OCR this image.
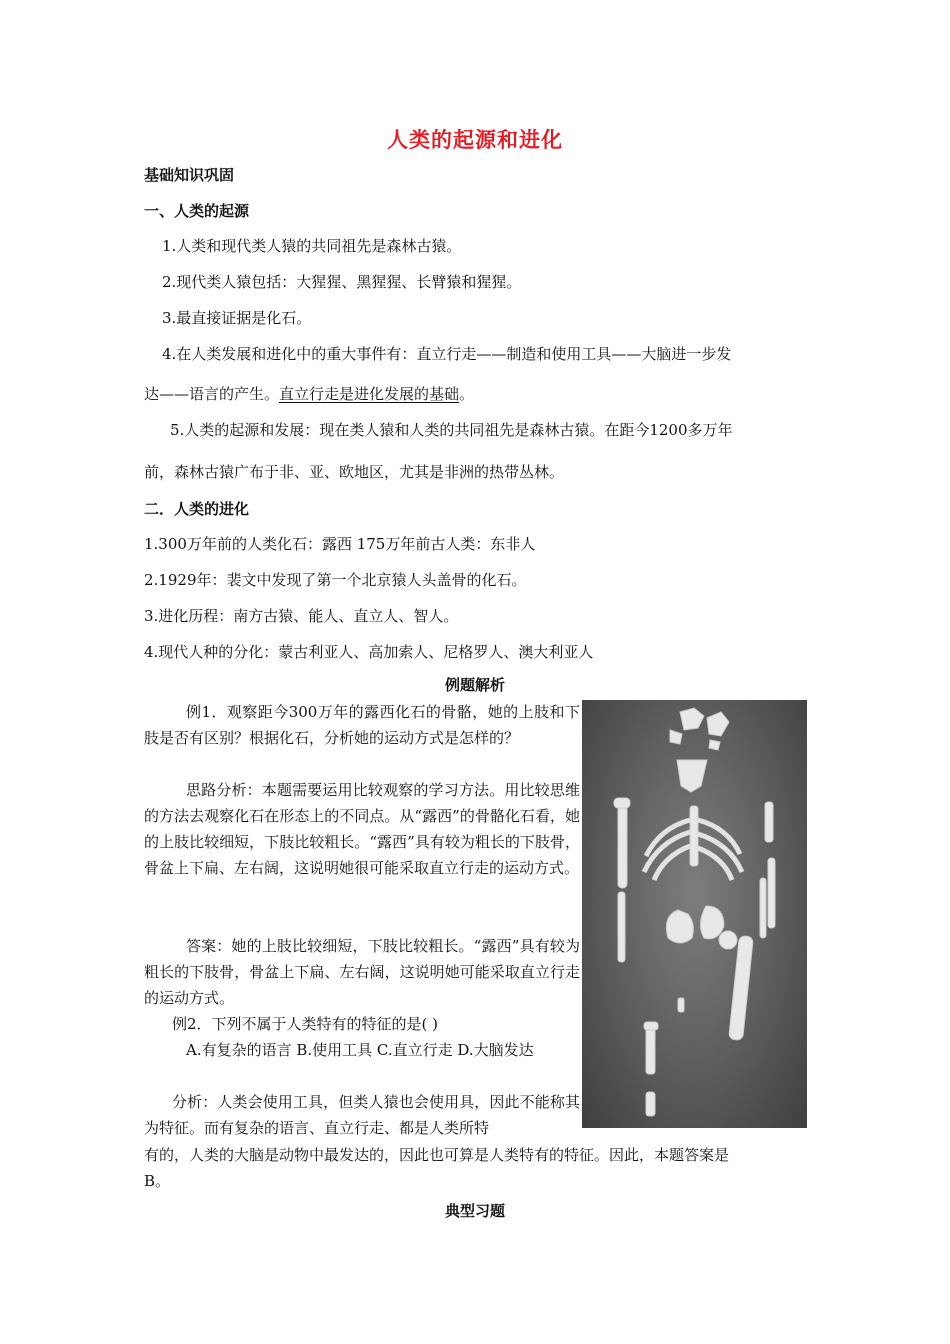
人类的起源和进化
基础知识巩固
一、人类的起源
1.人类和现代类人猿的共同祖先是森林古猿。
2.现代类人猿包括：大猩猩、黑猩猩、长臂猿和猩猩。
3.最直接证据是化石。
4.在人类发展和进化中的重大事件有：直立行走——制造和使用工具——大脑进一步发
达——语言的产生。直立行走是进化发展的基础。
5.人类的起源和发展：现在类人猿和人类的共同祖先是森林古猿。在距今1200多万年
前，森林古猿广布于非、亚、欧地区，尤其是非洲的热带丛林。
二．人类的进化
1.300万年前的人类化石：露西 175万年前古人类：东非人
2.1929年：裴文中发现了第一个北京猿人头盖骨的化石。
3.进化历程：南方古猿、能人、直立人、智人。
4.现代人种的分化：蒙古利亚人、高加索人、尼格罗人、澳大利亚人
例题解析
例1．观察距今300万年的露西化石的骨骼，她的上肢和下肢是否有区别？根据化石，分析她的运动方式是怎样的？
思路分析：本题需要运用比较观察的学习方法。用比较思维的方法去观察化石在形态上的不同点。从“露西”的骨骼化石看，她的上肢比较细短，下肢比较粗长。“露西”具有较为粗长的下肢骨，骨盆上下扁、左右阔，这说明她很可能采取直立行走的运动方式。
答案：她的上肢比较细短，下肢比较粗长。“露西”具有较为粗长的下肢骨，骨盆上下扁、左右阔，这说明她可能采取直立行走的运动方式。
例2．下列不属于人类特有的特征的是( )
A.有复杂的语言 B.使用工具 C.直立行走 D.大脑发达
分析：人类会使用工具，但类人猿也会使用具，因此不能称其为特征。而有复杂的语言、直立行走、都是人类所特
有的，人类的大脑是动物中最发达的，因此也可算是人类特有的特征。因此，本题答案是
B。
典型习题
